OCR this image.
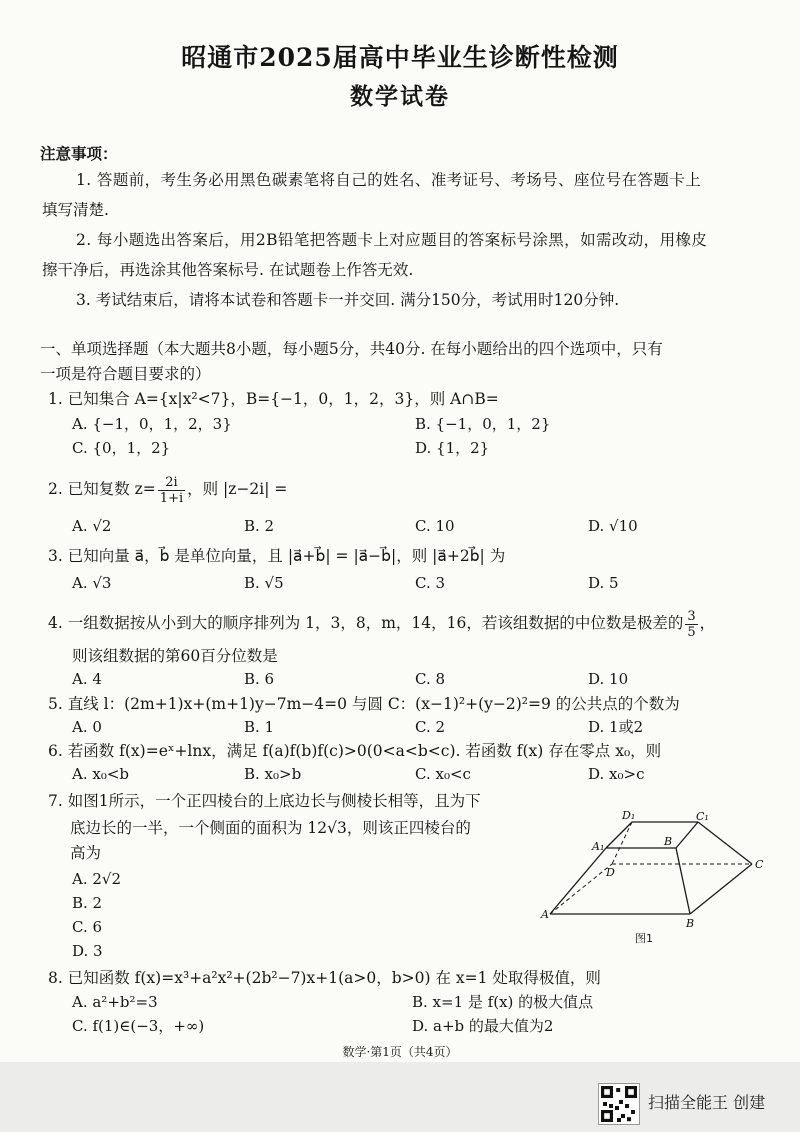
昭通市2025届高中毕业生诊断性检测
数学试卷
注意事项：
1. 答题前，考生务必用黑色碳素笔将自己的姓名、准考证号、考场号、座位号在答题卡上
填写清楚.
2. 每小题选出答案后，用2B铅笔把答题卡上对应题目的答案标号涂黑，如需改动，用橡皮
擦干净后，再选涂其他答案标号. 在试题卷上作答无效.
3. 考试结束后，请将本试卷和答题卡一并交回. 满分150分，考试用时120分钟.
一、单项选择题（本大题共8小题，每小题5分，共40分. 在每小题给出的四个选项中，只有
一项是符合题目要求的）
1. 已知集合 A={x|x²<7}，B={−1，0，1，2，3}，则 A∩B=
A. {−1，0，1，2，3}	B. {−1，0，1，2}
C. {0，1，2}	D. {1，2}
2. 已知复数 $z= \frac{2i}{1+i}$ ，则 |z−2i| =
A. √2	B. 2	C. 10	D. √10
3. 已知向量 a⃗，b⃗ 是单位向量，且 |a⃗+b⃗| = |a⃗−b⃗|，则 |a⃗+2b⃗| 为
A. √3	B. √5	C. 3	D. 5
4. 一组数据按从小到大的顺序排列为 1，3，8，m，14，16，若该组数据的中位数是极差的 $\frac{3}{5}$ ，
则该组数据的第60百分位数是
A. 4	B. 6	C. 8	D. 10
5. 直线 l：(2m+1)x+(m+1)y−7m−4=0 与圆 C：(x−1)²+(y−2)²=9 的公共点的个数为
A. 0	B. 1	C. 2	D. 1或2
6. 若函数 f(x)=eˣ+lnx，满足 f(a)f(b)f(c)>0(0<a<b<c). 若函数 f(x) 存在零点 x₀，则
A. x₀<b	B. x₀>b	C. x₀<c	D. x₀>c
7. 如图1所示，一个正四棱台的上底边长与侧棱长相等，且为下
底边长的一半，一个侧面的面积为 12√3，则该正四棱台的
高为
A. 2√2
B. 2
C. 6
D. 3
D₁	C₁
A₁	B
D
C
A
B
图1
8. 已知函数 f(x)=x³+a²x²+(2b²−7)x+1(a>0，b>0) 在 x=1 处取得极值，则
A. a²+b²=3	B. x=1 是 f(x) 的极大值点
C. f(1)∈(−3，+∞)	D. a+b 的最大值为2
数学·第1页（共4页）
扫描全能王 创建
